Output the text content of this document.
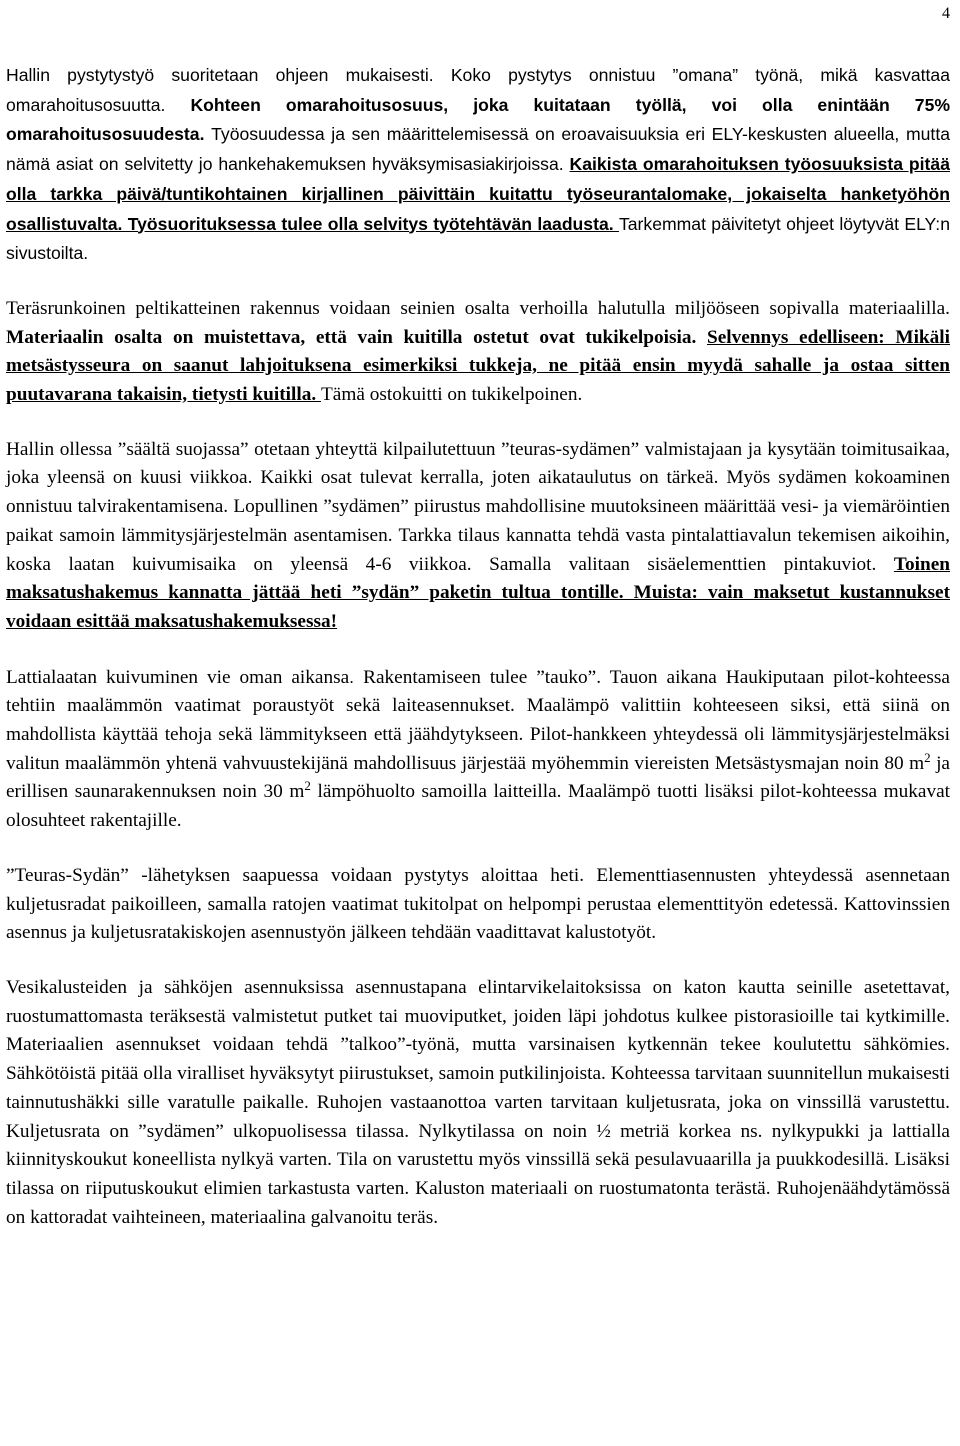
4

Hallin pystytystyö suoritetaan ohjeen mukaisesti. Koko pystytys onnistuu ”omana” työnä, mikä kasvattaa omarahoitusosuutta. Kohteen omarahoitusosuus, joka kuitataan työllä, voi olla enintään 75% omarahoitusosuudesta. Työosuudessa ja sen määrittelemisessä on eroavaisuuksia eri ELY-keskusten alueella, mutta nämä asiat on selvitetty jo hankehakemuksen hyväksymisasiakirjoissa. Kaikista omarahoituksen työosuuksista pitää olla tarkka päivä/tuntikohtainen kirjallinen päivittäin kuitattu työseurantalomake, jokaiselta hanketyöhön osallistuvalta. Työsuorituksessa tulee olla selvitys työtehtävän laadusta. Tarkemmat päivitetyt ohjeet löytyvät ELY:n sivustoilta.

Teräsrunkoinen peltikatteinen rakennus voidaan seinien osalta verhoilla halutulla miljööseen sopivalla materiaalilla. Materiaalin osalta on muistettava, että vain kuitilla ostetut ovat tukikelpoisia. Selvennys edelliseen: Mikäli metsästysseura on saanut lahjoituksena esimerkiksi tukkeja, ne pitää ensin myydä sahalle ja ostaa sitten puutavarana takaisin, tietysti kuitilla. Tämä ostokuitti on tukikelpoinen.

Hallin ollessa ”säältä suojassa” otetaan yhteyttä kilpailutettuun ”teuras-sydämen” valmistajaan ja kysytään toimitusaikaa, joka yleensä on kuusi viikkoa. Kaikki osat tulevat kerralla, joten aikataulutus on tärkeä. Myös sydämen kokoaminen onnistuu talvirakentamisena. Lopullinen ”sydämen” piirustus mahdollisine muutoksineen määrittää vesi- ja viemäröintien paikat samoin lämmitysjärjestelmän asentamisen. Tarkka tilaus kannatta tehdä vasta pintalattiavalun tekemisen aikoihin, koska laatan kuivumisaika on yleensä 4-6 viikkoa. Samalla valitaan sisäelementtien pintakuviot. Toinen maksatushakemus kannatta jättää heti ”sydän” paketin tultua tontille. Muista: vain maksetut kustannukset voidaan esittää maksatushakemuksessa!

Lattialaatan kuivuminen vie oman aikansa. Rakentamiseen tulee ”tauko”. Tauon aikana Haukiputaan pilot-kohteessa tehtiin maalämmön vaatimat poraustyöt sekä laiteasennukset. Maalämpö valittiin kohteeseen siksi, että siinä on mahdollista käyttää tehoja sekä lämmitykseen että jäähdytykseen. Pilot-hankkeen yhteydessä oli lämmitysjärjestelmäksi valitun maalämmön yhtenä vahvuustekijänä mahdollisuus järjestää myöhemmin viereisten Metsästysmajan noin 80 $m^2$ ja erillisen saunarakennuksen noin 30 $m^2$ lämpöhuolto samoilla laitteilla. Maalämpö tuotti lisäksi pilot-kohteessa mukavat olosuhteet rakentajille.

”Teuras-Sydän” -lähetyksen saapuessa voidaan pystytys aloittaa heti. Elementtiasennusten yhteydessä asennetaan kuljetusradat paikoilleen, samalla ratojen vaatimat tukitolpat on helpompi perustaa elementtityön edetessä. Kattovinssien asennus ja kuljetusratakiskojen asennustyön jälkeen tehdään vaadittavat kalustotyöt.

Vesikalusteiden ja sähköjen asennuksissa asennustapana elintarvikelaitoksissa on katon kautta seinille asetettavat, ruostumattomasta teräksestä valmistetut putket tai muoviputket, joiden läpi johdotus kulkee pistorasioille tai kytkimille. Materiaalien asennukset voidaan tehdä ”talkoo”-työnä, mutta varsinaisen kytkennän tekee koulutettu sähkömies. Sähkötöistä pitää olla viralliset hyväksytyt piirustukset, samoin putkilinjoista. Kohteessa tarvitaan suunnitellun mukaisesti tainnutushäkki sille varatulle paikalle. Ruhojen vastaanottoa varten tarvitaan kuljetusrata, joka on vinssillä varustettu. Kuljetusrata on ”sydämen” ulkopuolisessa tilassa. Nylkytilassa on noin ½ metriä korkea ns. nylkypukki ja lattialla kiinnityskoukut koneellista nylkyä varten. Tila on varustettu myös vinssillä sekä pesulavuaarilla ja puukkodesillä. Lisäksi tilassa on riiputuskoukut elimien tarkastusta varten. Kaluston materiaali on ruostumatonta terästä. Ruhojenäähdytämössä on kattoradat vaihteineen, materiaalina galvanoitu teräs.
